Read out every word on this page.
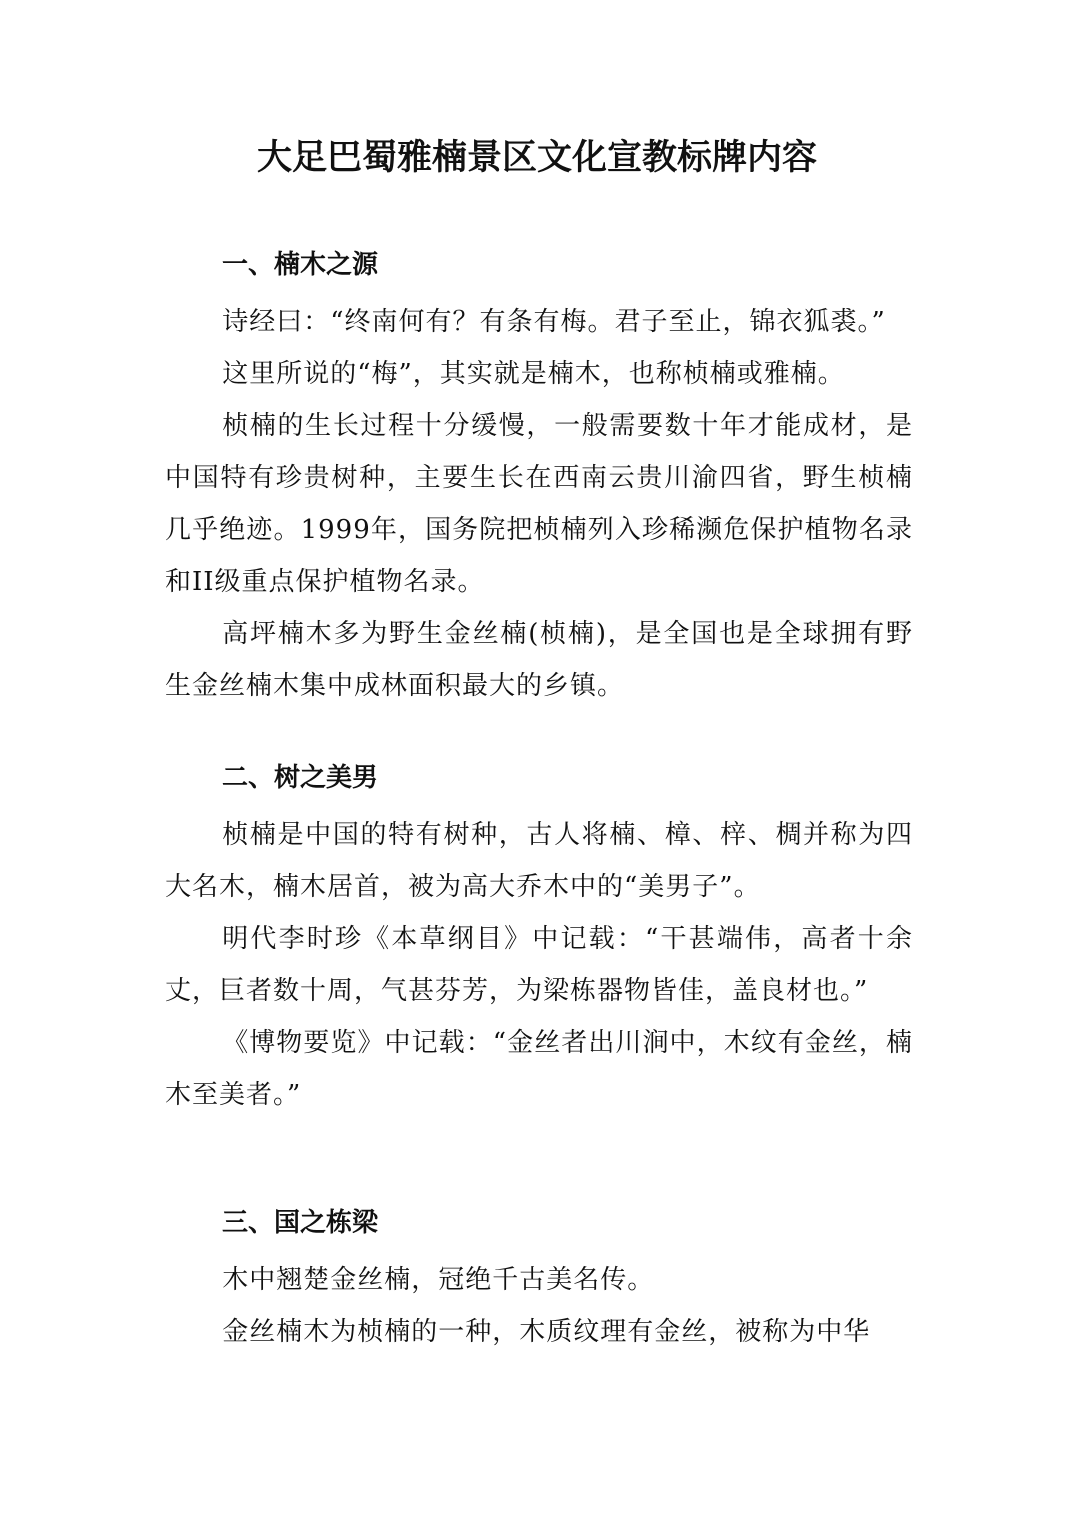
大足巴蜀雅楠景区文化宣教标牌内容
一、楠木之源

诗经曰：“终南何有？有条有梅。君子至止，锦衣狐裘。”

这里所说的“梅”，其实就是楠木，也称桢楠或雅楠。

桢楠的生长过程十分缓慢，一般需要数十年才能成材，是中国特有珍贵树种，主要生长在西南云贵川渝四省，野生桢楠几乎绝迹。1999年，国务院把桢楠列入珍稀濒危保护植物名录和II级重点保护植物名录。

高坪楠木多为野生金丝楠(桢楠)，是全国也是全球拥有野生金丝楠木集中成林面积最大的乡镇。

二、树之美男

桢楠是中国的特有树种，古人将楠、樟、梓、椆并称为四大名木，楠木居首，被为高大乔木中的“美男子”。

明代李时珍《本草纲目》中记载：“干甚端伟，高者十余丈，巨者数十周，气甚芬芳，为梁栋器物皆佳，盖良材也。”

《博物要览》中记载：“金丝者出川涧中，木纹有金丝，楠木至美者。”

三、国之栋梁

木中翘楚金丝楠，冠绝千古美名传。

金丝楠木为桢楠的一种，木质纹理有金丝，被称为中华
